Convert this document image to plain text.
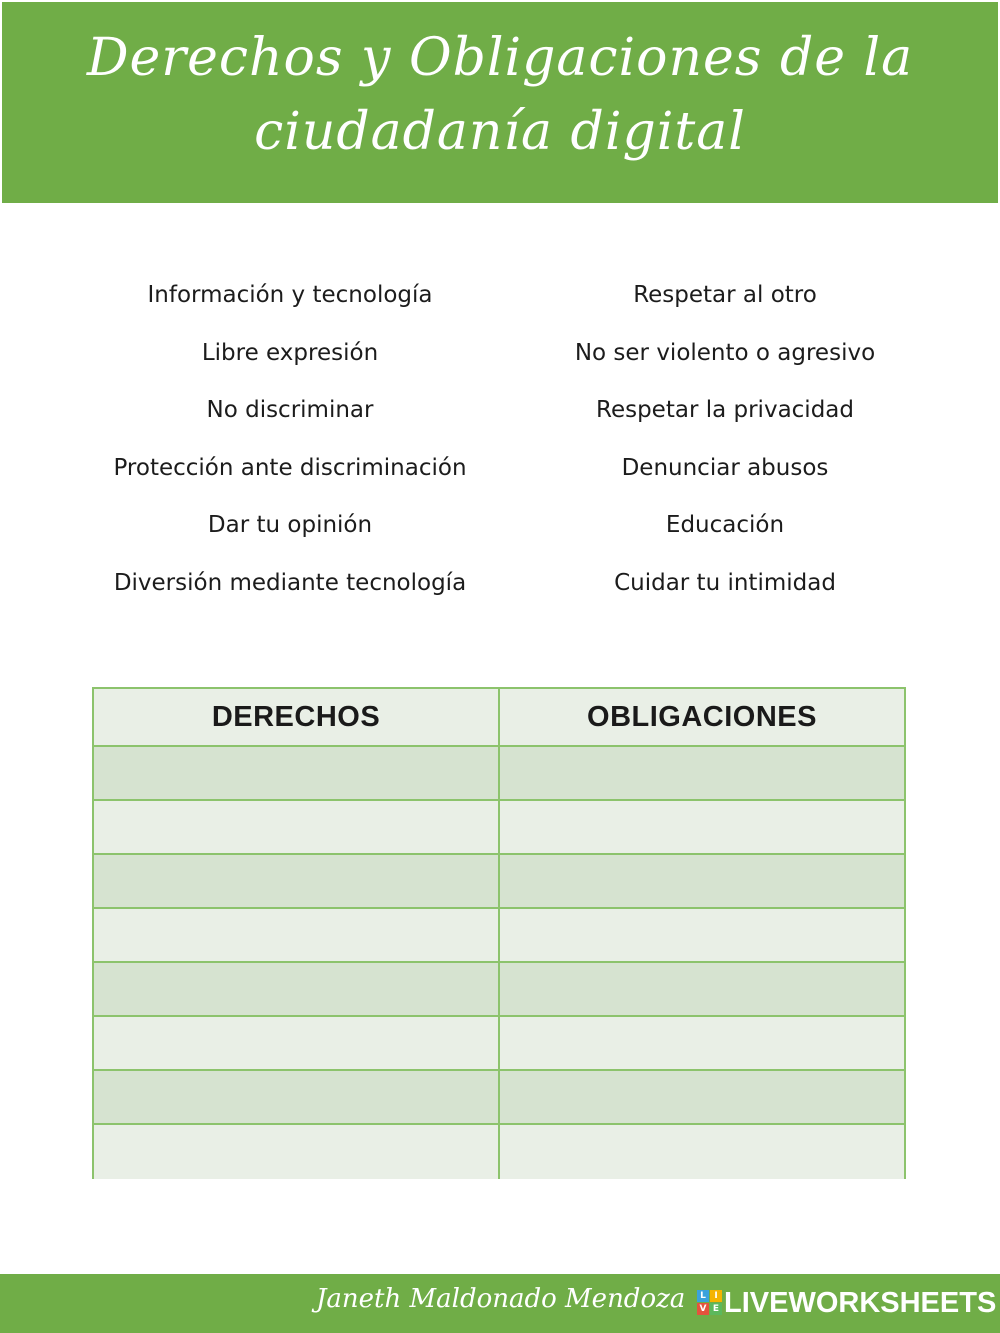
Derechos y Obligaciones de la
ciudadanía digital
Información y tecnología
Libre expresión
No discriminar
Protección ante discriminación
Dar tu opinión
Diversión mediante tecnología
Respetar al otro
No ser violento o agresivo
Respetar la privacidad
Denunciar abusos
Educación
Cuidar tu intimidad
DERECHOS	OBLIGACIONES
Janeth Maldonado Mendoza	L I
V E LIVEWORKSHEETS
